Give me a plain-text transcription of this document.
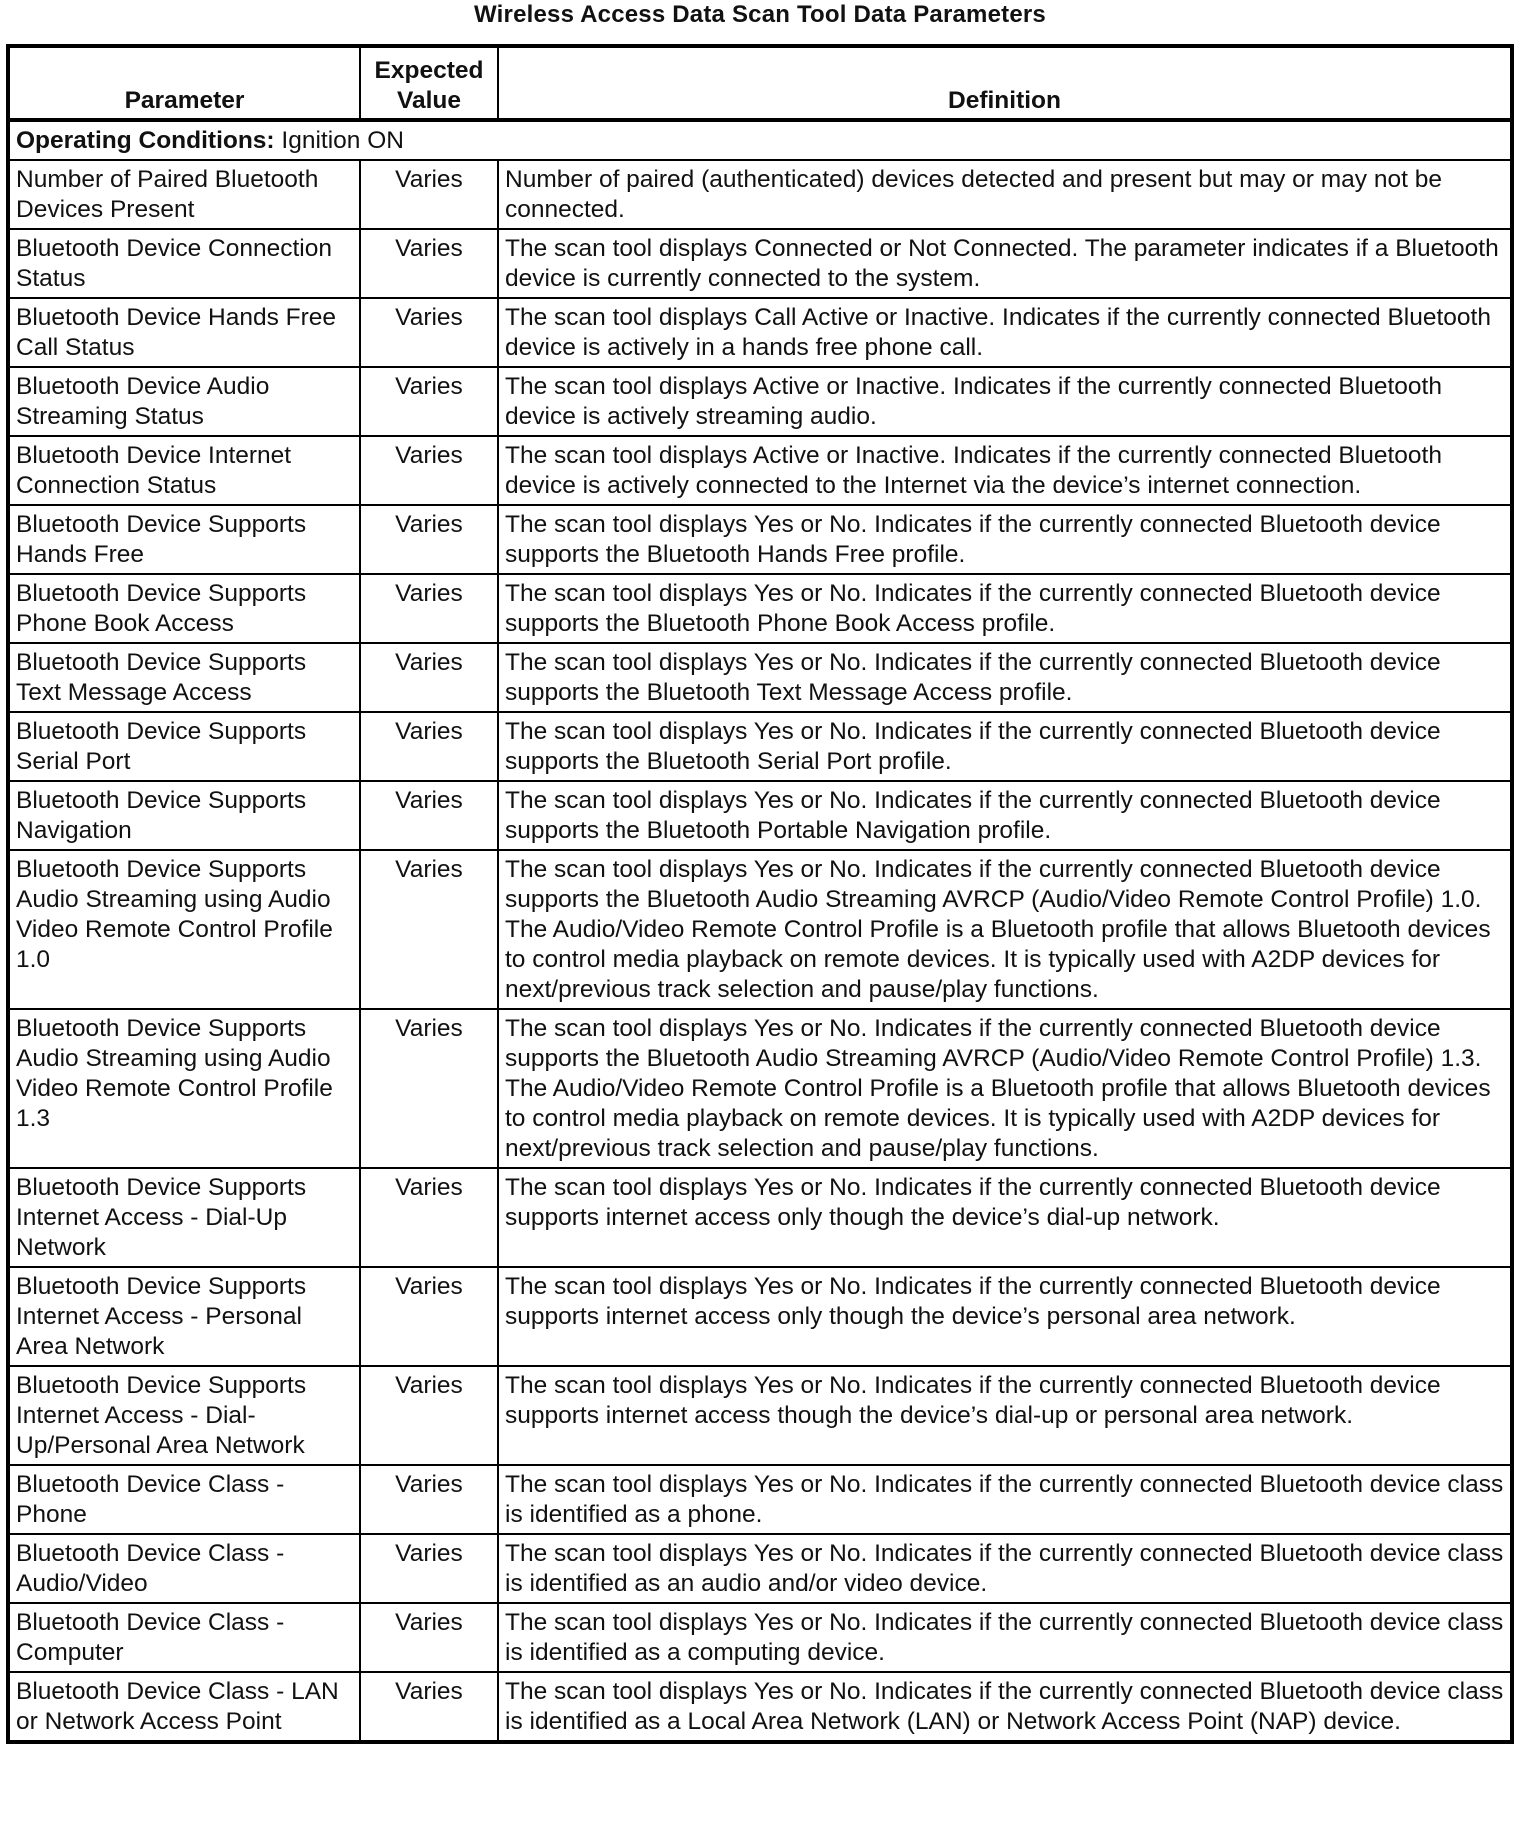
Wireless Access Data Scan Tool Data Parameters
Parameter	Expected Value	Definition
Operating Conditions: Ignition ON		
Number of Paired Bluetooth Devices Present	Varies	Number of paired (authenticated) devices detected and present but may or may not be connected.
Bluetooth Device Connection Status	Varies	The scan tool displays Connected or Not Connected. The parameter indicates if a Bluetooth device is currently connected to the system.
Bluetooth Device Hands Free Call Status	Varies	The scan tool displays Call Active or Inactive. Indicates if the currently connected Bluetooth device is actively in a hands free phone call.
Bluetooth Device Audio Streaming Status	Varies	The scan tool displays Active or Inactive. Indicates if the currently connected Bluetooth device is actively streaming audio.
Bluetooth Device Internet Connection Status	Varies	The scan tool displays Active or Inactive. Indicates if the currently connected Bluetooth device is actively connected to the Internet via the device’s internet connection.
Bluetooth Device Supports Hands Free	Varies	The scan tool displays Yes or No. Indicates if the currently connected Bluetooth device supports the Bluetooth Hands Free profile.
Bluetooth Device Supports Phone Book Access	Varies	The scan tool displays Yes or No. Indicates if the currently connected Bluetooth device supports the Bluetooth Phone Book Access profile.
Bluetooth Device Supports Text Message Access	Varies	The scan tool displays Yes or No. Indicates if the currently connected Bluetooth device supports the Bluetooth Text Message Access profile.
Bluetooth Device Supports Serial Port	Varies	The scan tool displays Yes or No. Indicates if the currently connected Bluetooth device supports the Bluetooth Serial Port profile.
Bluetooth Device Supports Navigation	Varies	The scan tool displays Yes or No. Indicates if the currently connected Bluetooth device supports the Bluetooth Portable Navigation profile.
Bluetooth Device Supports Audio Streaming using Audio Video Remote Control Profile 1.0	Varies	The scan tool displays Yes or No. Indicates if the currently connected Bluetooth device supports the Bluetooth Audio Streaming AVRCP (Audio/Video Remote Control Profile) 1.0. The Audio/Video Remote Control Profile is a Bluetooth profile that allows Bluetooth devices to control media playback on remote devices. It is typically used with A2DP devices for next/previous track selection and pause/play functions.
Bluetooth Device Supports Audio Streaming using Audio Video Remote Control Profile 1.3	Varies	The scan tool displays Yes or No. Indicates if the currently connected Bluetooth device supports the Bluetooth Audio Streaming AVRCP (Audio/Video Remote Control Profile) 1.3. The Audio/Video Remote Control Profile is a Bluetooth profile that allows Bluetooth devices to control media playback on remote devices. It is typically used with A2DP devices for next/previous track selection and pause/play functions.
Bluetooth Device Supports Internet Access - Dial-Up Network	Varies	The scan tool displays Yes or No. Indicates if the currently connected Bluetooth device supports internet access only though the device’s dial-up network.
Bluetooth Device Supports Internet Access - Personal Area Network	Varies	The scan tool displays Yes or No. Indicates if the currently connected Bluetooth device supports internet access only though the device’s personal area network.
Bluetooth Device Supports Internet Access - Dial-Up/Personal Area Network	Varies	The scan tool displays Yes or No. Indicates if the currently connected Bluetooth device supports internet access though the device’s dial-up or personal area network.
Bluetooth Device Class - Phone	Varies	The scan tool displays Yes or No. Indicates if the currently connected Bluetooth device class is identified as a phone.
Bluetooth Device Class - Audio/Video	Varies	The scan tool displays Yes or No. Indicates if the currently connected Bluetooth device class is identified as an audio and/or video device.
Bluetooth Device Class - Computer	Varies	The scan tool displays Yes or No. Indicates if the currently connected Bluetooth device class is identified as a computing device.
Bluetooth Device Class - LAN or Network Access Point	Varies	The scan tool displays Yes or No. Indicates if the currently connected Bluetooth device class is identified as a Local Area Network (LAN) or Network Access Point (NAP) device.
